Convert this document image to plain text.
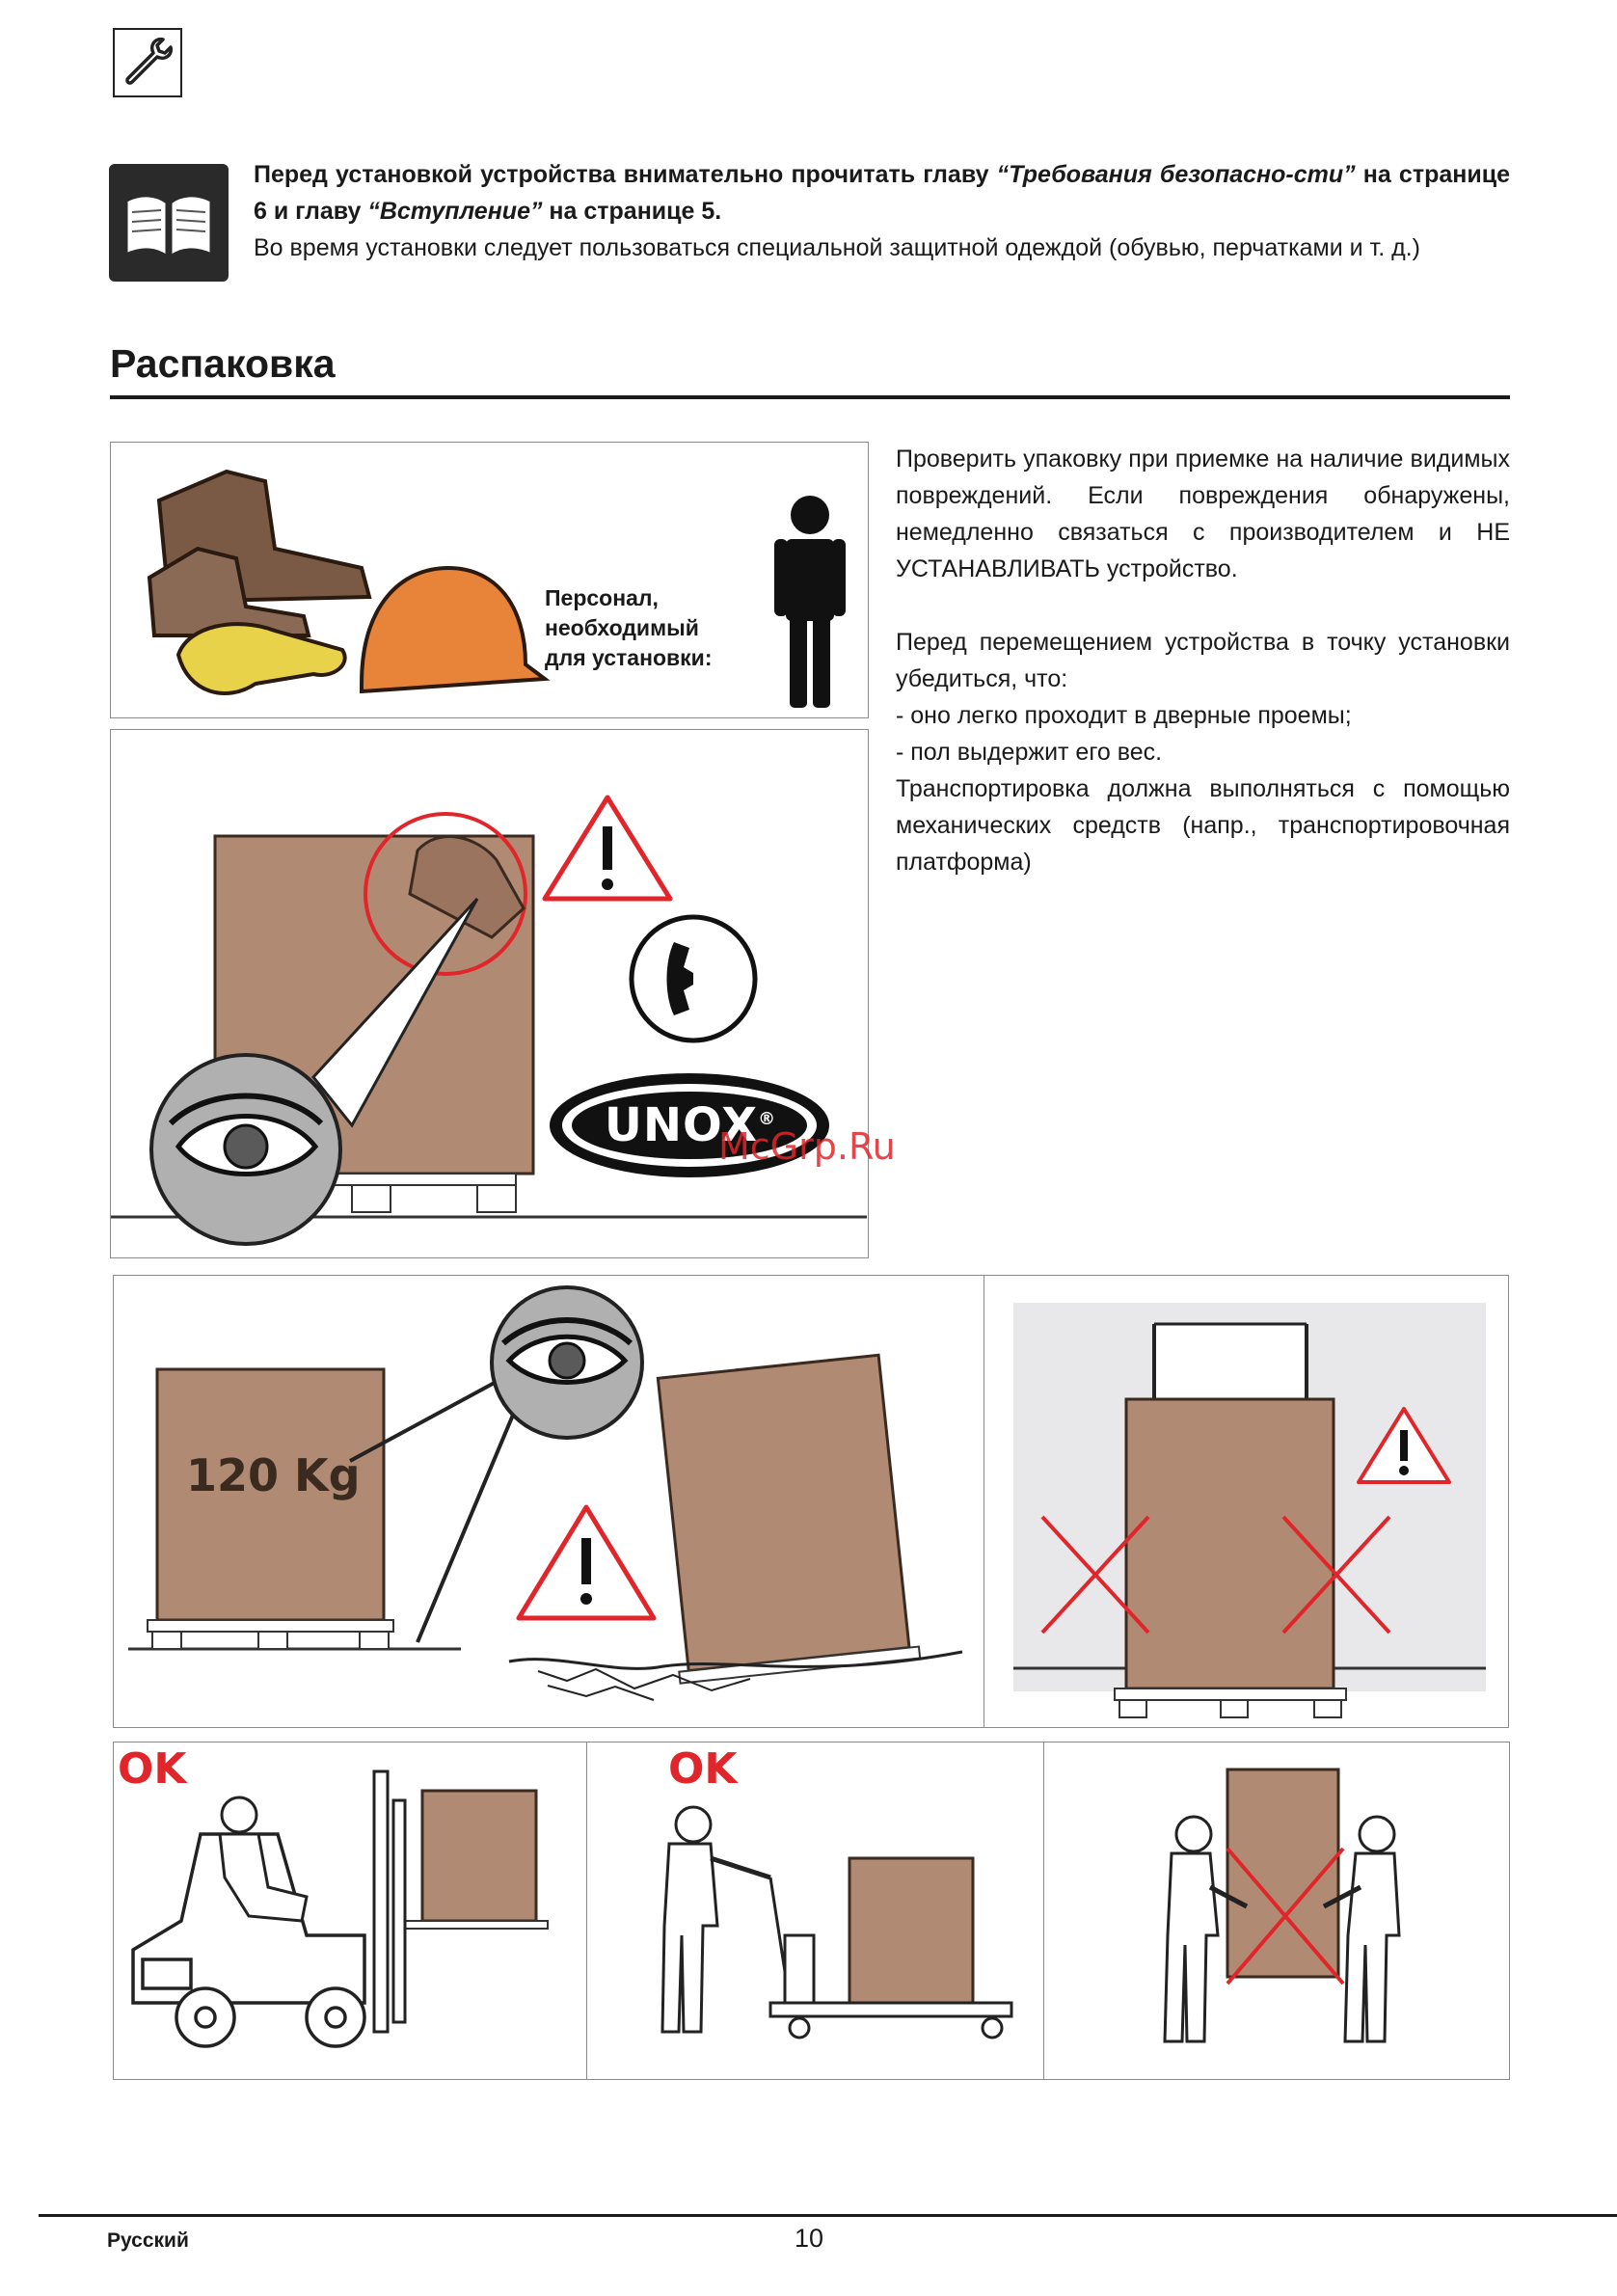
Перед установкой устройства внимательно прочитать главу “Требования безопасно-сти” на странице 6 и главу “Вступление” на странице 5.
Во время установки следует пользоваться специальной защитной одеждой (обувью, перчатками и т. д.)
Распаковка

Проверить упаковку при приемке на наличие видимых повреждений. Если повреждения обнаружены, немедленно связаться с производителем и НЕ УСТАНАВЛИВАТЬ устройство.

Перед перемещением устройства в точку установки убедиться, что:

- оно легко проходит в дверные проемы;

- пол выдержит его вес.

Транспортировка должна выполняться с помощью механических средств (напр., транспортировочная платформа)

Персонал,
необходимый
для установки:
UNOX®
McGrp.Ru
120 Kg
OK	OK
Русский	10
